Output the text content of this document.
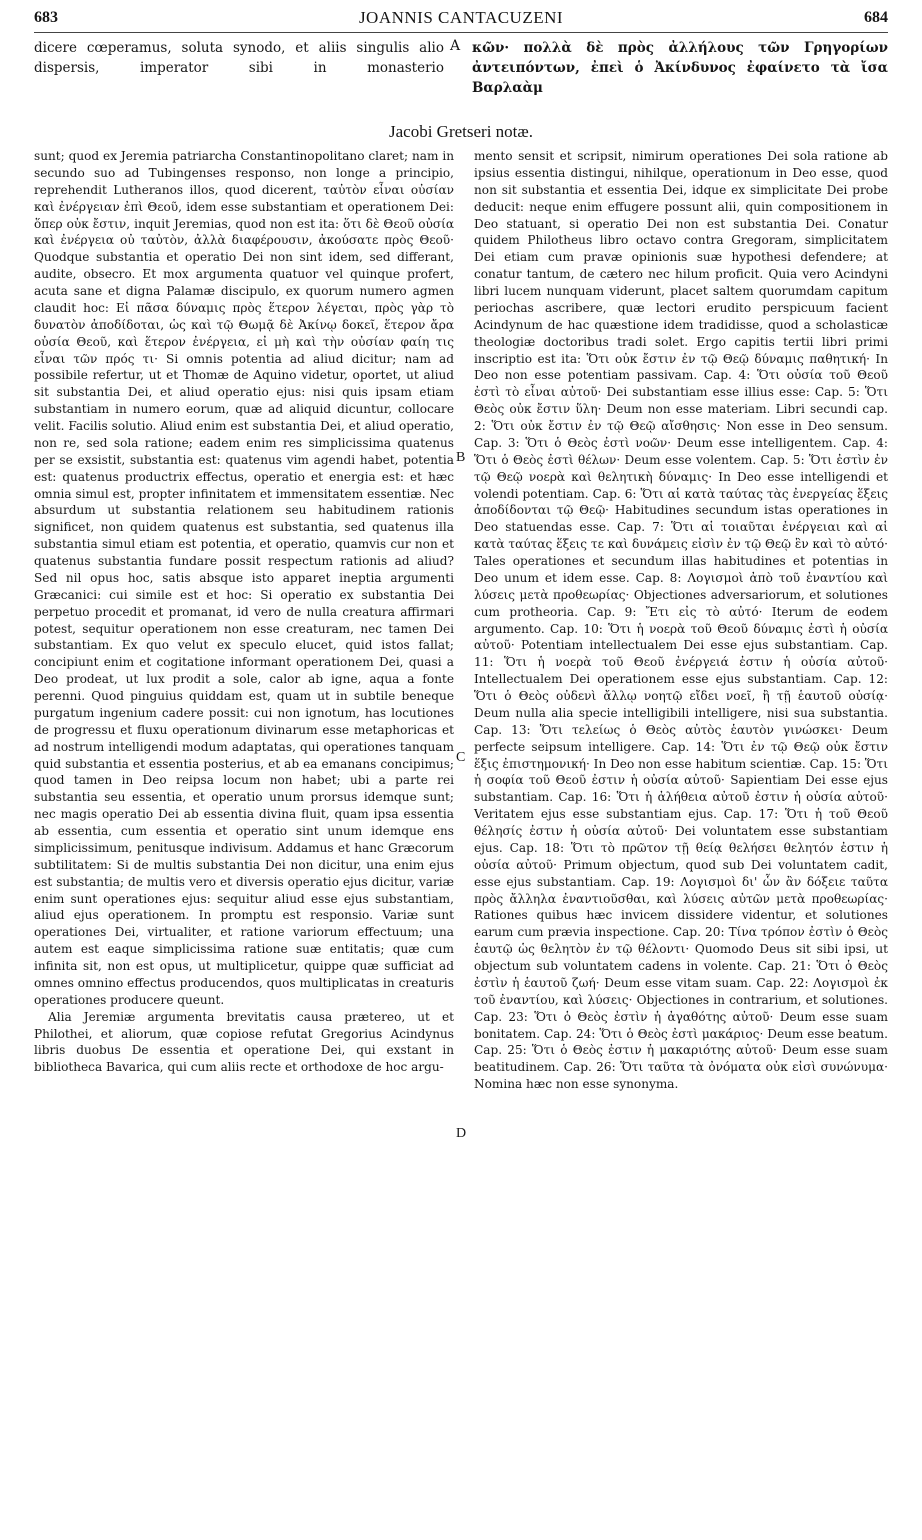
683	JOANNIS CANTACUZENI	684
dicere cœperamus, soluta synodo, et aliis singulis alio dispersis, imperator sibi in monasterio
A κῶν· πολλὰ δὲ πρὸς ἀλλήλους τῶν Γρηγορίων ἀντειπόντων, ἐπεὶ ὁ Ἀκίνδυνος ἐφαίνετο τὰ ἴσα Βαρλαὰμ
Jacobi Gretseri notæ.

sunt; quod ex Jeremia patriarcha Constantinopolitano claret; nam in secundo suo ad Tubingenses responso, non longe a principio, reprehendit Lutheranos illos, quod dicerent, ταὐτὸν εἶναι οὐσίαν καὶ ἐνέργειαν ἐπὶ Θεοῦ, idem esse substantiam et operationem Dei: ὅπερ οὐκ ἔστιν, inquit Jeremias, quod non est ita: ὅτι δὲ Θεοῦ οὐσία καὶ ἐνέργεια οὐ ταὐτὸν, ἀλλὰ διαφέρουσιν, ἀκούσατε πρὸς Θεοῦ· Quodque substantia et operatio Dei non sint idem, sed differant, audite, obsecro. Et mox argumenta quatuor vel quinque profert, acuta sane et digna Palamæ discipulo, ex quorum numero agmen claudit hoc: Εἰ πᾶσα δύναμις πρὸς ἕτερον λέγεται, πρὸς γὰρ τὸ δυνατὸν ἀποδίδοται, ὡς καὶ τῷ Θωμᾷ δὲ Ἀκίνῳ δοκεῖ, ἕτερον ἄρα οὐσία Θεοῦ, καὶ ἕτερον ἐνέργεια, εἰ μὴ καὶ τὴν οὐσίαν φαίη τις εἶναι τῶν πρός τι· Si omnis potentia ad aliud dicitur; nam ad possibile refertur, ut et Thomæ de Aquino videtur, oportet, ut aliud sit substantia Dei, et aliud operatio ejus: nisi quis ipsam etiam substantiam in numero eorum, quæ ad aliquid dicuntur, collocare velit. Facilis solutio. Aliud enim est substantia Dei, et aliud operatio, non re, sed sola ratione; eadem enim res simplicissima quatenus per se exsistit, substantia est: quatenus vim agendi habet, potentia est: quatenus productrix effectus, operatio et energia est: et hæc omnia simul est, propter infinitatem et immensitatem essentiæ. Nec absurdum ut substantia relationem seu habitudinem rationis significet, non quidem quatenus est substantia, sed quatenus illa substantia simul etiam est potentia, et operatio, quamvis cur non et quatenus substantia fundare possit respectum rationis ad aliud? Sed nil opus hoc, satis absque isto apparet ineptia argumenti Græcanici: cui simile est et hoc: Si operatio ex substantia Dei perpetuo procedit et promanat, id vero de nulla creatura affirmari potest, sequitur operationem non esse creaturam, nec tamen Dei substantiam. Ex quo velut ex speculo elucet, quid istos fallat; concipiunt enim et cogitatione informant operationem Dei, quasi a Deo prodeat, ut lux prodit a sole, calor ab igne, aqua a fonte perenni. Quod pinguius quiddam est, quam ut in subtile beneque purgatum ingenium cadere possit: cui non ignotum, has locutiones de progressu et fluxu operationum divinarum esse metaphoricas et ad nostrum intelligendi modum adaptatas, qui operationes tanquam quid substantia et essentia posterius, et ab ea emanans concipimus; quod tamen in Deo reipsa locum non habet; ubi a parte rei substantia seu essentia, et operatio unum prorsus idemque sunt; nec magis operatio Dei ab essentia divina fluit, quam ipsa essentia ab essentia, cum essentia et operatio sint unum idemque ens simplicissimum, penitusque indivisum. Addamus et hanc Græcorum subtilitatem: Si de multis substantia Dei non dicitur, una enim ejus est substantia; de multis vero et diversis operatio ejus dicitur, variæ enim sunt operationes ejus: sequitur aliud esse ejus substantiam, aliud ejus operationem. In promptu est responsio. Variæ sunt operationes Dei, virtualiter, et ratione variorum effectuum; una autem est eaque simplicissima ratione suæ entitatis; quæ cum infinita sit, non est opus, ut multiplicetur, quippe quæ sufficiat ad omnes omnino effectus producendos, quos multiplicatas in creaturis operationes producere queunt.

Alia Jeremiæ argumenta brevitatis causa prætereo, ut et Philothei, et aliorum, quæ copiose refutat Gregorius Acindynus libris duobus De essentia et operatione Dei, qui exstant in bibliotheca Bavarica, qui cum aliis recte et orthodoxe de hoc argu-

B
C
D

mento sensit et scripsit, nimirum operationes Dei sola ratione ab ipsius essentia distingui, nihilque, operationum in Deo esse, quod non sit substantia et essentia Dei, idque ex simplicitate Dei probe deducit: neque enim effugere possunt alii, quin compositionem in Deo statuant, si operatio Dei non est substantia Dei. Conatur quidem Philotheus libro octavo contra Gregoram, simplicitatem Dei etiam cum pravæ opinionis suæ hypothesi defendere; at conatur tantum, de cætero nec hilum proficit. Quia vero Acindyni libri lucem nunquam viderunt, placet saltem quorumdam capitum periochas ascribere, quæ lectori erudito perspicuum facient Acindynum de hac quæstione idem tradidisse, quod a scholasticæ theologiæ doctoribus tradi solet. Ergo capitis tertii libri primi inscriptio est ita: Ὅτι οὐκ ἔστιν ἐν τῷ Θεῷ δύναμις παθητική· In Deo non esse potentiam passivam. Cap. 4: Ὅτι οὐσία τοῦ Θεοῦ ἐστὶ τὸ εἶναι αὐτοῦ· Dei substantiam esse illius esse: Cap. 5: Ὅτι Θεὸς οὐκ ἔστιν ὕλη· Deum non esse materiam. Libri secundi cap. 2: Ὅτι οὐκ ἔστιν ἐν τῷ Θεῷ αἴσθησις· Non esse in Deo sensum. Cap. 3: Ὅτι ὁ Θεὸς ἐστὶ νοῶν· Deum esse intelligentem. Cap. 4: Ὅτι ὁ Θεὸς ἐστὶ θέλων· Deum esse volentem. Cap. 5: Ὅτι ἐστὶν ἐν τῷ Θεῷ νοερὰ καὶ θελητικὴ δύναμις· In Deo esse intelligendi et volendi potentiam. Cap. 6: Ὅτι αἱ κατὰ ταύτας τὰς ἐνεργείας ἕξεις ἀποδίδονται τῷ Θεῷ· Habitudines secundum istas operationes in Deo statuendas esse. Cap. 7: Ὅτι αἱ τοιαῦται ἐνέργειαι καὶ αἱ κατὰ ταύτας ἕξεις τε καὶ δυνάμεις εἰσὶν ἐν τῷ Θεῷ ἓν καὶ τὸ αὐτό· Tales operationes et secundum illas habitudines et potentias in Deo unum et idem esse. Cap. 8: Λογισμοὶ ἀπὸ τοῦ ἐναντίου καὶ λύσεις μετὰ προθεωρίας· Objectiones adversariorum, et solutiones cum protheoria. Cap. 9: Ἔτι εἰς τὸ αὐτό· Iterum de eodem argumento. Cap. 10: Ὅτι ἡ νοερὰ τοῦ Θεοῦ δύναμις ἐστὶ ἡ οὐσία αὐτοῦ· Potentiam intellectualem Dei esse ejus substantiam. Cap. 11: Ὅτι ἡ νοερὰ τοῦ Θεοῦ ἐνέργειά ἐστιν ἡ οὐσία αὐτοῦ· Intellectualem Dei operationem esse ejus substantiam. Cap. 12: Ὅτι ὁ Θεὸς οὐδενὶ ἄλλῳ νοητῷ εἴδει νοεῖ, ἢ τῇ ἑαυτοῦ οὐσίᾳ· Deum nulla alia specie intelligibili intelligere, nisi sua substantia. Cap. 13: Ὅτι τελείως ὁ Θεὸς αὐτὸς ἑαυτὸν γινώσκει· Deum perfecte seipsum intelligere. Cap. 14: Ὅτι ἐν τῷ Θεῷ οὐκ ἔστιν ἕξις ἐπιστημονική· In Deo non esse habitum scientiæ. Cap. 15: Ὅτι ἡ σοφία τοῦ Θεοῦ ἐστιν ἡ οὐσία αὐτοῦ· Sapientiam Dei esse ejus substantiam. Cap. 16: Ὅτι ἡ ἀλήθεια αὐτοῦ ἐστιν ἡ οὐσία αὐτοῦ· Veritatem ejus esse substantiam ejus. Cap. 17: Ὅτι ἡ τοῦ Θεοῦ θέλησίς ἐστιν ἡ οὐσία αὐτοῦ· Dei voluntatem esse substantiam ejus. Cap. 18: Ὅτι τὸ πρῶτον τῇ θείᾳ θελήσει θελητόν ἐστιν ἡ οὐσία αὐτοῦ· Primum objectum, quod sub Dei voluntatem cadit, esse ejus substantiam. Cap. 19: Λογισμοὶ δι' ὧν ἂν δόξειε ταῦτα πρὸς ἄλληλα ἐναντιοῦσθαι, καὶ λύσεις αὐτῶν μετὰ προθεωρίας· Rationes quibus hæc invicem dissidere videntur, et solutiones earum cum prævia inspectione. Cap. 20: Τίνα τρόπον ἐστὶν ὁ Θεὸς ἑαυτῷ ὡς θελητὸν ἐν τῷ θέλοντι· Quomodo Deus sit sibi ipsi, ut objectum sub voluntatem cadens in volente. Cap. 21: Ὅτι ὁ Θεὸς ἐστὶν ἡ ἑαυτοῦ ζωή· Deum esse vitam suam. Cap. 22: Λογισμοὶ ἐκ τοῦ ἐναντίου, καὶ λύσεις· Objectiones in contrarium, et solutiones. Cap. 23: Ὅτι ὁ Θεὸς ἐστὶν ἡ ἀγαθότης αὐτοῦ· Deum esse suam bonitatem. Cap. 24: Ὅτι ὁ Θεὸς ἐστὶ μακάριος· Deum esse beatum. Cap. 25: Ὅτι ὁ Θεὸς ἐστιν ἡ μακαριότης αὐτοῦ· Deum esse suam beatitudinem. Cap. 26: Ὅτι ταῦτα τὰ ὀνόματα οὐκ εἰσὶ συνώνυμα· Nomina hæc non esse synonyma.
